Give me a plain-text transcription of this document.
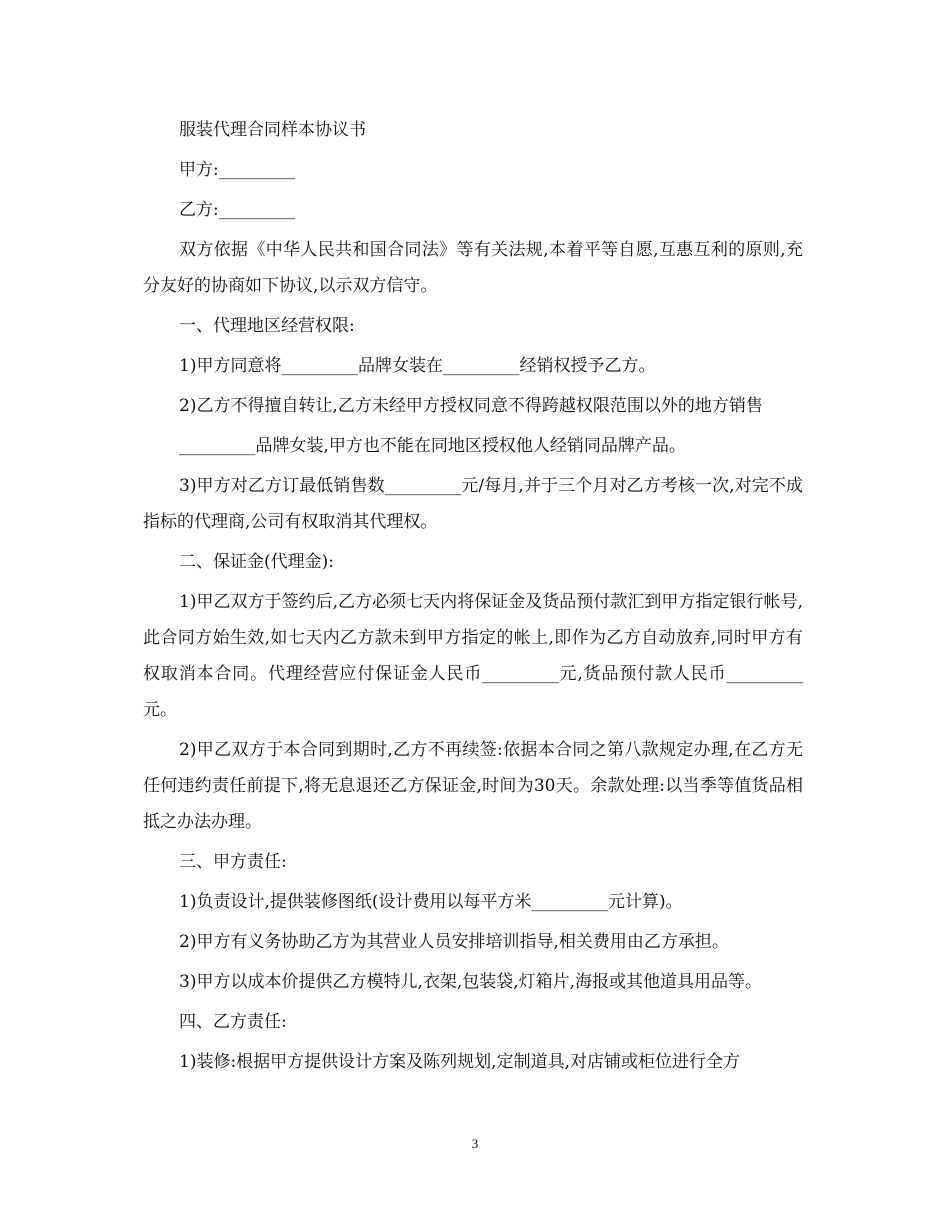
服装代理合同样本协议书

甲方:_________

乙方:_________

双方依据《中华人民共和国合同法》等有关法规,本着平等自愿,互惠互利的原则,充分友好的协商如下协议,以示双方信守。

一、代理地区经营权限:

1)甲方同意将_________品牌女装在_________经销权授予乙方。

2)乙方不得擅自转让,乙方未经甲方授权同意不得跨越权限范围以外的地方销售

_________品牌女装,甲方也不能在同地区授权他人经销同品牌产品。

3)甲方对乙方订最低销售数_________元/每月,并于三个月对乙方考核一次,对完不成指标的代理商,公司有权取消其代理权。

二、保证金(代理金):

1)甲乙双方于签约后,乙方必须七天内将保证金及货品预付款汇到甲方指定银行帐号,此合同方始生效,如七天内乙方款未到甲方指定的帐上,即作为乙方自动放弃,同时甲方有权取消本合同。代理经营应付保证金人民币_________元,货品预付款人民币_________元。

2)甲乙双方于本合同到期时,乙方不再续签:依据本合同之第八款规定办理,在乙方无任何违约责任前提下,将无息退还乙方保证金,时间为30天。余款处理:以当季等值货品相抵之办法办理。

三、甲方责任:

1)负责设计,提供装修图纸(设计费用以每平方米_________元计算)。

2)甲方有义务协助乙方为其营业人员安排培训指导,相关费用由乙方承担。

3)甲方以成本价提供乙方模特儿,衣架,包装袋,灯箱片,海报或其他道具用品等。

四、乙方责任:

1)装修:根据甲方提供设计方案及陈列规划,定制道具,对店铺或柜位进行全方

3
